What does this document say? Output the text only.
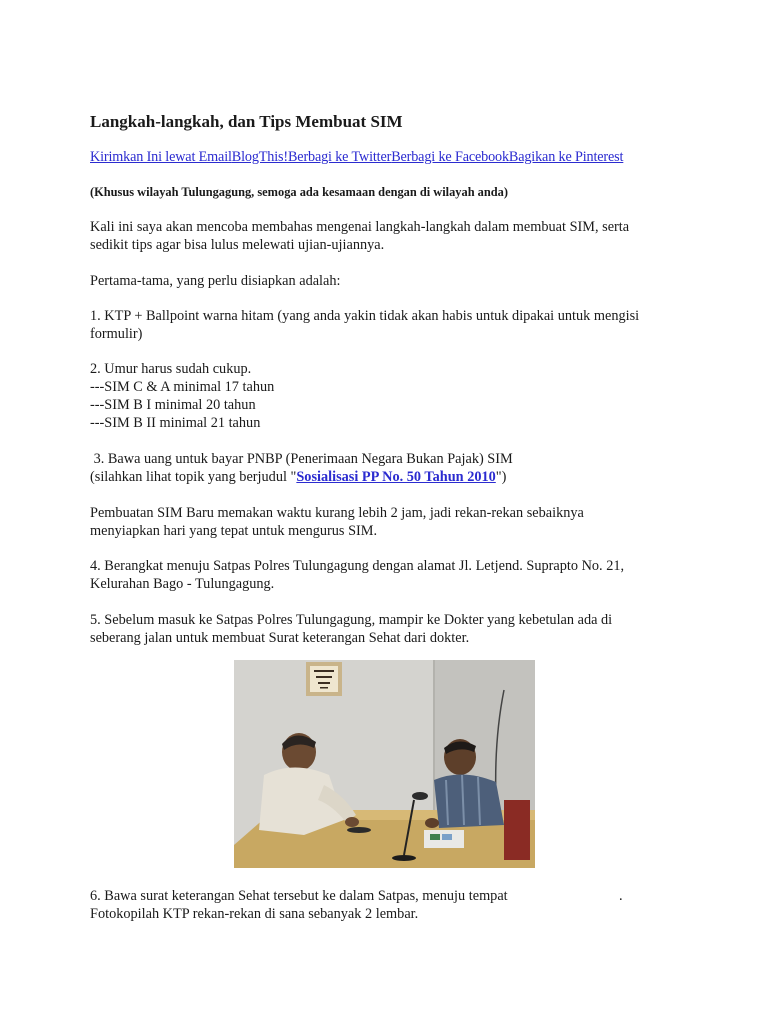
Langkah-langkah, dan Tips Membuat SIM
Kirimkan Ini lewat EmailBlogThis!Berbagi ke TwitterBerbagi ke FacebookBagikan ke Pinterest

(Khusus wilayah Tulungagung, semoga ada kesamaan dengan di wilayah anda)

Kali ini saya akan mencoba membahas mengenai langkah-langkah dalam membuat SIM, serta
sedikit tips agar bisa lulus melewati ujian-ujiannya.

Pertama-tama, yang perlu disiapkan adalah:

1. KTP + Ballpoint warna hitam (yang anda yakin tidak akan habis untuk dipakai untuk mengisi
formulir)

2. Umur harus sudah cukup.
---SIM C & A minimal 17 tahun
---SIM B I minimal 20 tahun
---SIM B II minimal 21 tahun

3. Bawa uang untuk bayar PNBP (Penerimaan Negara Bukan Pajak) SIM
(silahkan lihat topik yang berjudul "Sosialisasi PP No. 50 Tahun 2010")

Pembuatan SIM Baru memakan waktu kurang lebih 2 jam, jadi rekan-rekan sebaiknya
menyiapkan hari yang tepat untuk mengurus SIM.

4. Berangkat menuju Satpas Polres Tulungagung dengan alamat Jl. Letjend. Suprapto No. 21,
Kelurahan Bago - Tulungagung.

5. Sebelum masuk ke Satpas Polres Tulungagung, mampir ke Dokter yang kebetulan ada di
seberang jalan untuk membuat Surat keterangan Sehat dari dokter.

6. Bawa surat keterangan Sehat tersebut ke dalam Satpas, menuju tempat	.
Fotokopilah KTP rekan-rekan di sana sebanyak 2 lembar.
